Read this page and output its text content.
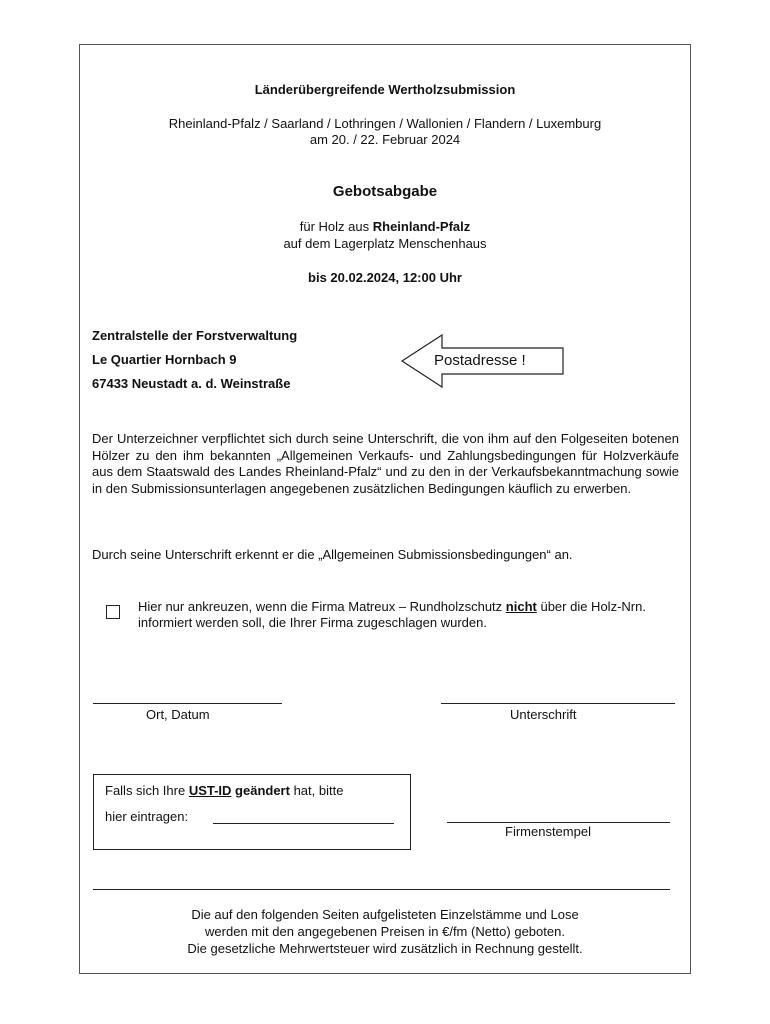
Länderübergreifende Wertholzsubmission
Rheinland-Pfalz / Saarland / Lothringen / Wallonien / Flandern / Luxemburg
am 20. / 22. Februar 2024
Gebotsabgabe
für Holz aus Rheinland-Pfalz
auf dem Lagerplatz Menschenhaus
bis 20.02.2024, 12:00 Uhr
Zentralstelle der Forstverwaltung
Le Quartier Hornbach 9
67433 Neustadt a. d. Weinstraße
Postadresse !
Der Unterzeichner verpflichtet sich durch seine Unterschrift, die von ihm auf den Folgeseiten botenen Hölzer zu den ihm bekannten „Allgemeinen Verkaufs- und Zahlungsbedingungen für Holzverkäufe aus dem Staatswald des Landes Rheinland-Pfalz“ und zu den in der Verkaufsbekanntmachung sowie in den Submissionsunterlagen angegebenen zusätzlichen Bedingungen käuflich zu erwerben.
Durch seine Unterschrift erkennt er die „Allgemeinen Submissionsbedingungen“ an.
Hier nur ankreuzen, wenn die Firma Matreux – Rundholzschutz nicht über die Holz-Nrn. informiert werden soll, die Ihrer Firma zugeschlagen wurden.
Ort, Datum	Unterschrift
Falls sich Ihre UST-ID geändert hat, bitte
hier eintragen:
Firmenstempel
Die auf den folgenden Seiten aufgelisteten Einzelstämme und Lose
werden mit den angegebenen Preisen in €/fm (Netto) geboten.
Die gesetzliche Mehrwertsteuer wird zusätzlich in Rechnung gestellt.
